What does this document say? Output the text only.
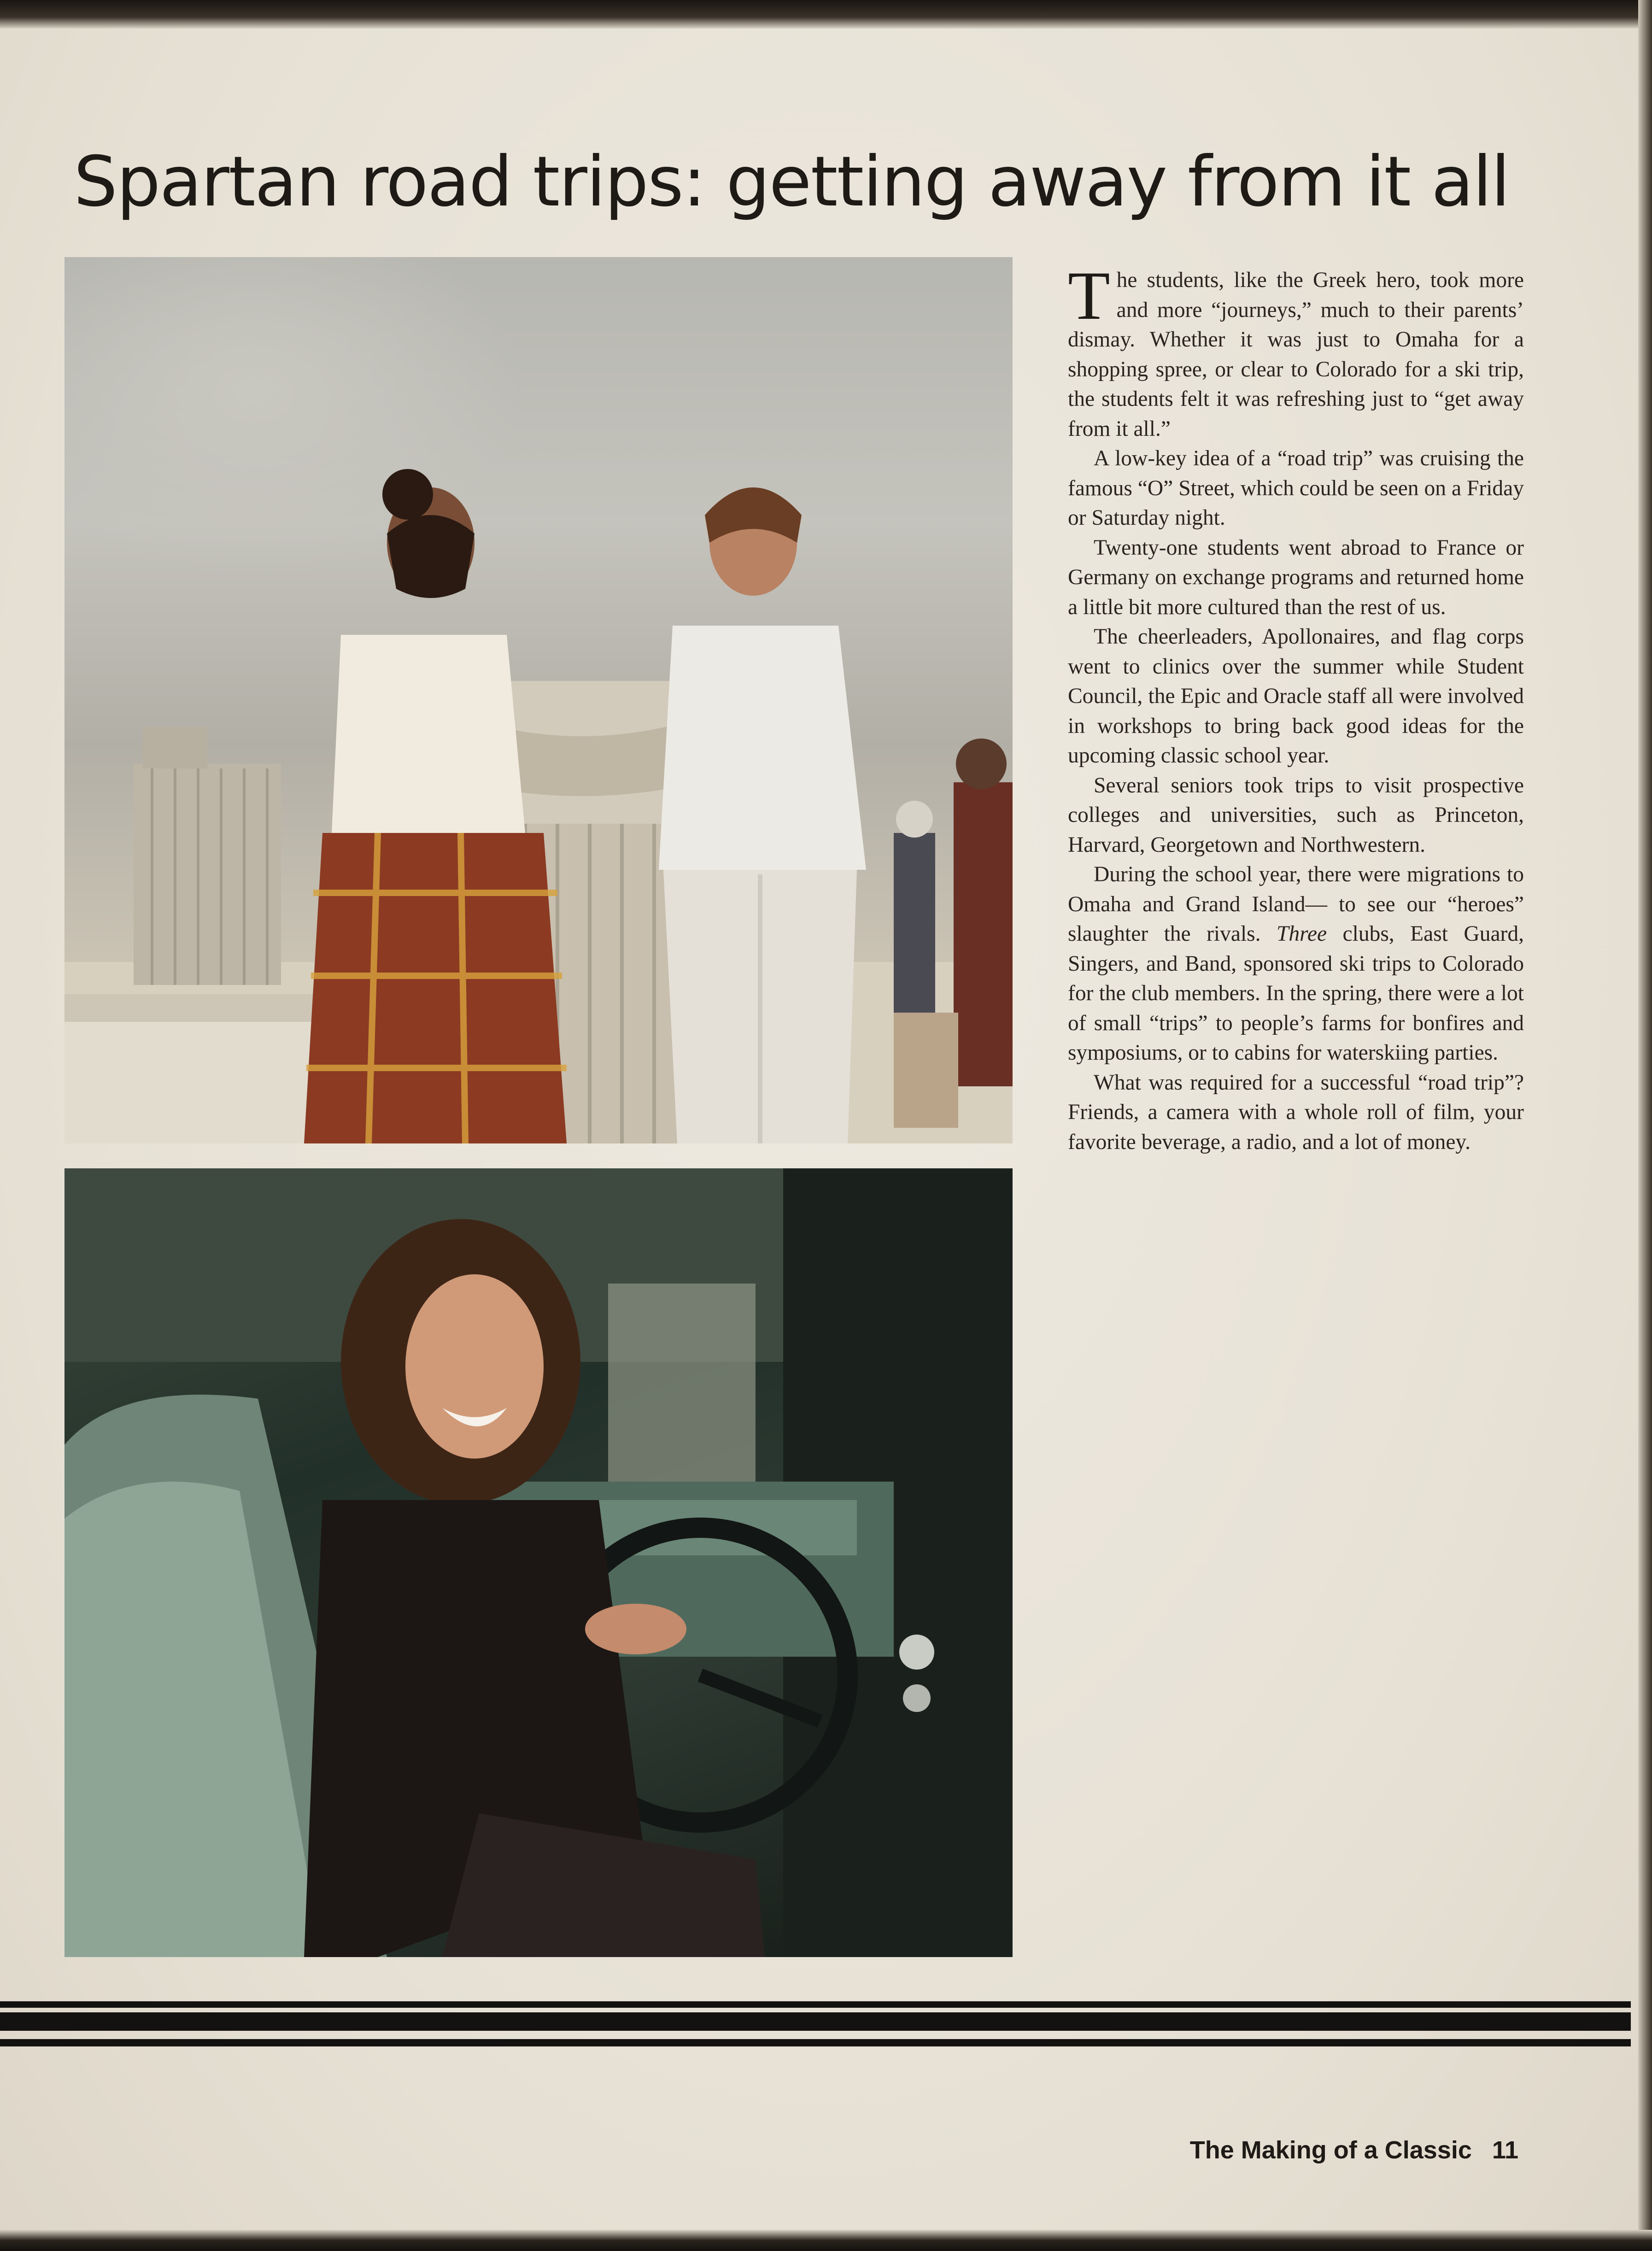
Spartan road trips: getting away from it all

The students, like the Greek hero, took more and more “journeys,” much to their parents’ dismay. Whether it was just to Omaha for a shopping spree, or clear to Colorado for a ski trip, the students felt it was refreshing just to “get away from it all.”

A low-key idea of a “road trip” was cruising the famous “O” Street, which could be seen on a Friday or Saturday night.

Twenty-one students went abroad to France or Germany on exchange programs and returned home a little bit more cultured than the rest of us.

The cheerleaders, Apollonaires, and flag corps went to clinics over the summer while Student Council, the Epic and Oracle staff all were involved in workshops to bring back good ideas for the upcoming classic school year.

Several seniors took trips to visit prospective colleges and universities, such as Princeton, Harvard, Georgetown and Northwestern.

During the school year, there were migrations to Omaha and Grand Island— to see our “heroes” slaughter the rivals. Three clubs, East Guard, Singers, and Band, sponsored ski trips to Colorado for the club members. In the spring, there were a lot of small “trips” to people’s farms for bonfires and symposiums, or to cabins for waterskiing parties.

What was required for a successful “road trip”? Friends, a camera with a whole roll of film, your favorite beverage, a radio, and a lot of money.

The Making of a Classic 11
